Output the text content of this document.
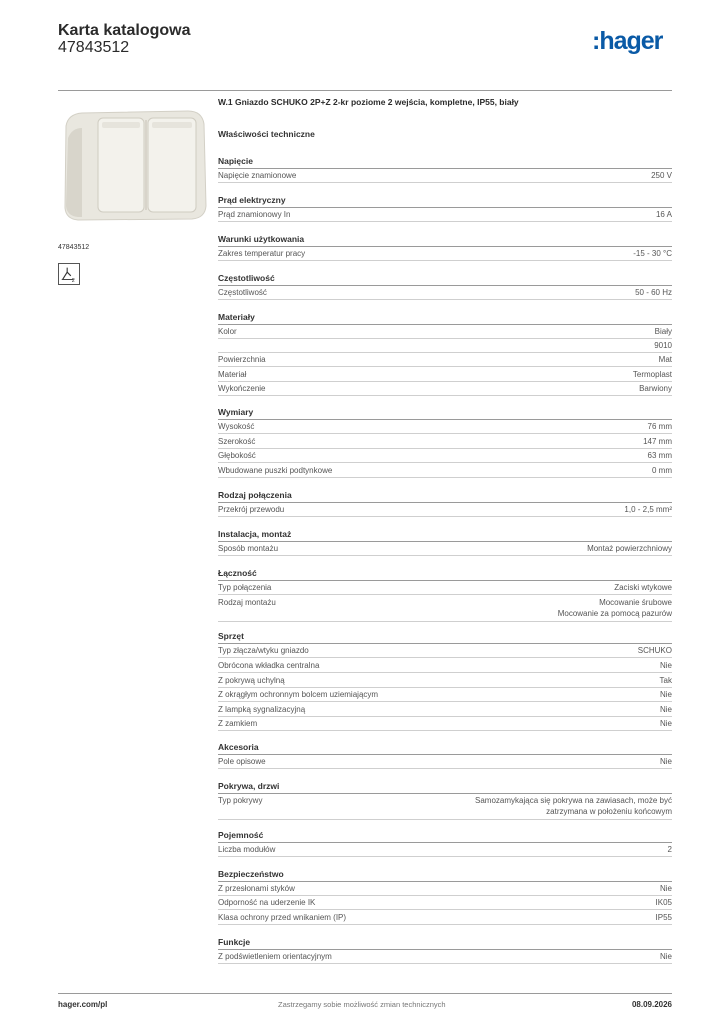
Karta katalogowa
47843512	:hager
47843512
2
W.1 Gniazdo SCHUKO 2P+Z 2-kr poziome 2 wejścia, kompletne, IP55, biały
Właściwości techniczne
Napięcie
Napięcie znamionowe	250 V
Prąd elektryczny
Prąd znamionowy In	16 A
Warunki użytkowania
Zakres temperatur pracy	-15 - 30 °C
Częstotliwość
Częstotliwość	50 - 60 Hz
Materiały
Kolor	Biały
9010
Powierzchnia	Mat
Materiał	Termoplast
Wykończenie	Barwiony
Wymiary
Wysokość	76 mm
Szerokość	147 mm
Głębokość	63 mm
Wbudowane puszki podtynkowe	0 mm
Rodzaj połączenia
Przekrój przewodu	1,0 - 2,5 mm²
Instalacja, montaż
Sposób montażu	Montaż powierzchniowy
Łączność
Typ połączenia	Zaciski wtykowe
Rodzaj montażu	Mocowanie śrubowe
Mocowanie za pomocą pazurów
Sprzęt
Typ złącza/wtyku gniazdo	SCHUKO
Obrócona wkładka centralna	Nie
Z pokrywą uchylną	Tak
Z okrągłym ochronnym bolcem uziemiającym	Nie
Z lampką sygnalizacyjną	Nie
Z zamkiem	Nie
Akcesoria
Pole opisowe	Nie
Pokrywa, drzwi
Typ pokrywy	Samozamykająca się pokrywa na zawiasach, może być
zatrzymana w położeniu końcowym
Pojemność
Liczba modułów	2
Bezpieczeństwo
Z przesłonami styków	Nie
Odporność na uderzenie IK	IK05
Klasa ochrony przed wnikaniem (IP)	IP55
Funkcje
Z podświetleniem orientacyjnym	Nie
hager.com/pl	Zastrzegamy sobie możliwość zmian technicznych	08.09.2026
